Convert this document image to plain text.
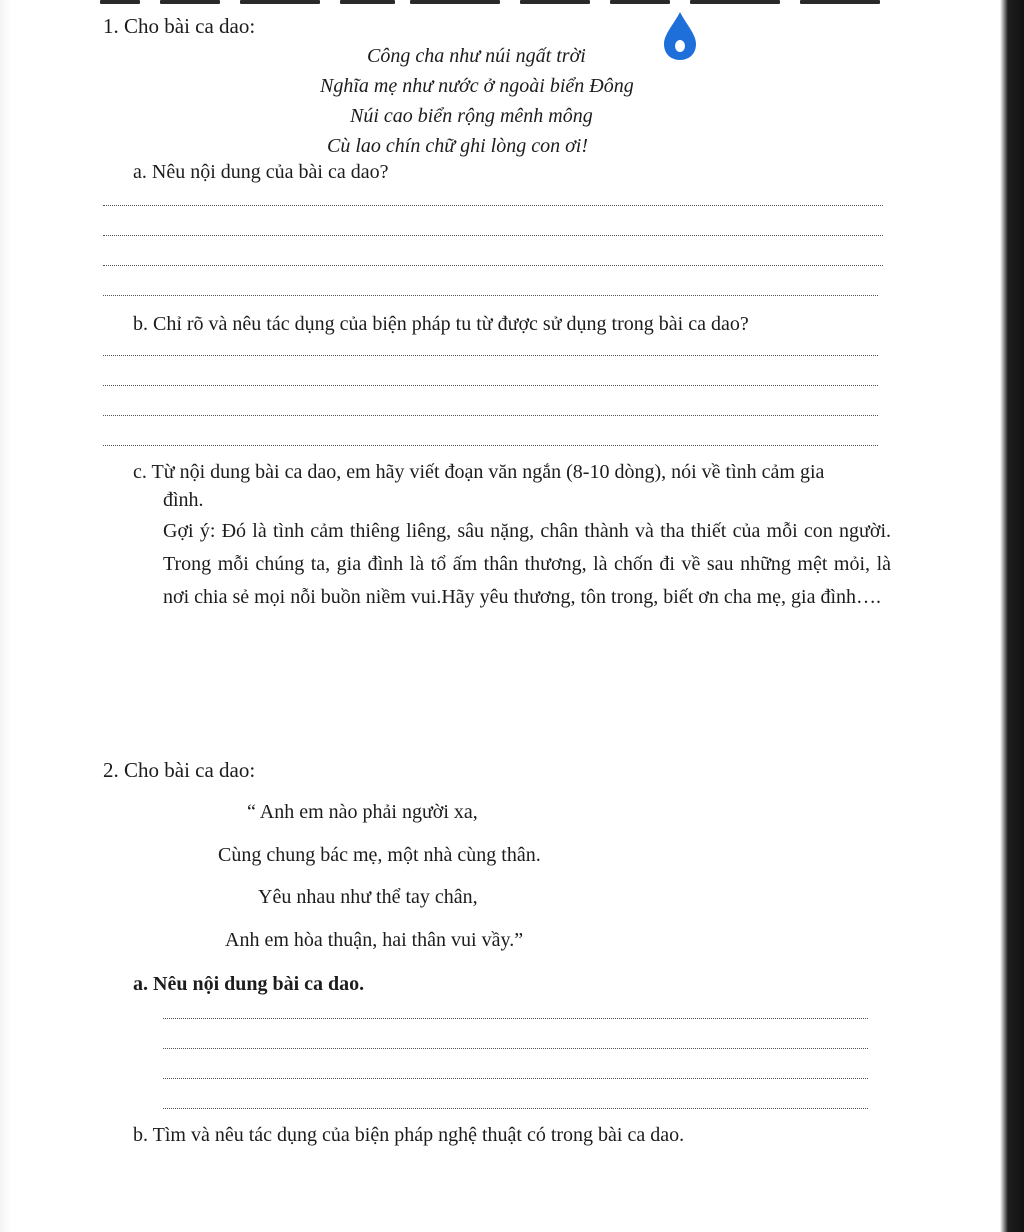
1. Cho bài ca dao:
Công cha như núi ngất trời
Nghĩa mẹ như nước ở ngoài biển Đông
Núi cao biển rộng mênh mông
Cù lao chín chữ ghi lòng con ơi!
a. Nêu nội dung của bài ca dao?
b. Chỉ rõ và nêu tác dụng của biện pháp tu từ được sử dụng trong bài ca dao?
c. Từ nội dung bài ca dao, em hãy viết đoạn văn ngắn (8-10 dòng), nói về tình cảm gia
đình.
Gợi ý: Đó là tình cảm thiêng liêng, sâu nặng, chân thành và tha thiết của mỗi con người. Trong mỗi chúng ta, gia đình là tổ ấm thân thương, là chốn đi về sau những mệt mỏi, là nơi chia sẻ mọi nỗi buồn niềm vui.Hãy yêu thương, tôn trong, biết ơn cha mẹ, gia đình….
2. Cho bài ca dao:
“ Anh em nào phải người xa,
Cùng chung bác mẹ, một nhà cùng thân.
Yêu nhau như thể tay chân,
Anh em hòa thuận, hai thân vui vầy.”
a. Nêu nội dung bài ca dao.
b. Tìm và nêu tác dụng của biện pháp nghệ thuật có trong bài ca dao.
